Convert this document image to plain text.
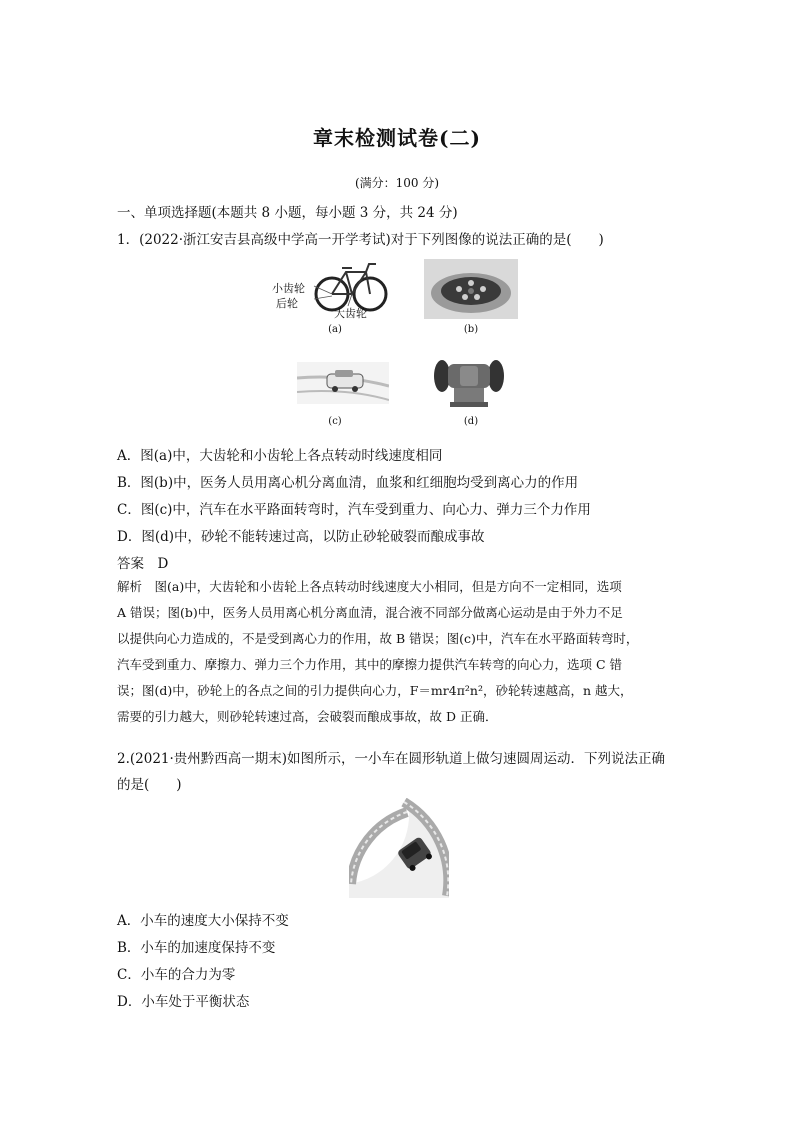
章末检测试卷(二)
(满分：100 分)
一、单项选择题(本题共 8 小题，每小题 3 分，共 24 分)
1．(2022·浙江安吉县高级中学高一开学考试)对于下列图像的说法正确的是(　　)
小齿轮
后轮
大齿轮
(a)	(b)
(c)	(d)
A．图(a)中，大齿轮和小齿轮上各点转动时线速度相同
B．图(b)中，医务人员用离心机分离血清，血浆和红细胞均受到离心力的作用
C．图(c)中，汽车在水平路面转弯时，汽车受到重力、向心力、弹力三个力作用
D．图(d)中，砂轮不能转速过高，以防止砂轮破裂而酿成事故
答案　D
解析　图(a)中，大齿轮和小齿轮上各点转动时线速度大小相同，但是方向不一定相同，选项
A 错误；图(b)中，医务人员用离心机分离血清，混合液不同部分做离心运动是由于外力不足
以提供向心力造成的，不是受到离心力的作用，故 B 错误；图(c)中，汽车在水平路面转弯时，
汽车受到重力、摩擦力、弹力三个力作用，其中的摩擦力提供汽车转弯的向心力，选项 C 错
误；图(d)中，砂轮上的各点之间的引力提供向心力，F＝mr4π²n²，砂轮转速越高，n 越大，
需要的引力越大，则砂轮转速过高，会破裂而酿成事故，故 D 正确．
2.(2021·贵州黔西高一期末)如图所示，一小车在圆形轨道上做匀速圆周运动．下列说法正确
的是(　　)
A．小车的速度大小保持不变
B．小车的加速度保持不变
C．小车的合力为零
D．小车处于平衡状态
